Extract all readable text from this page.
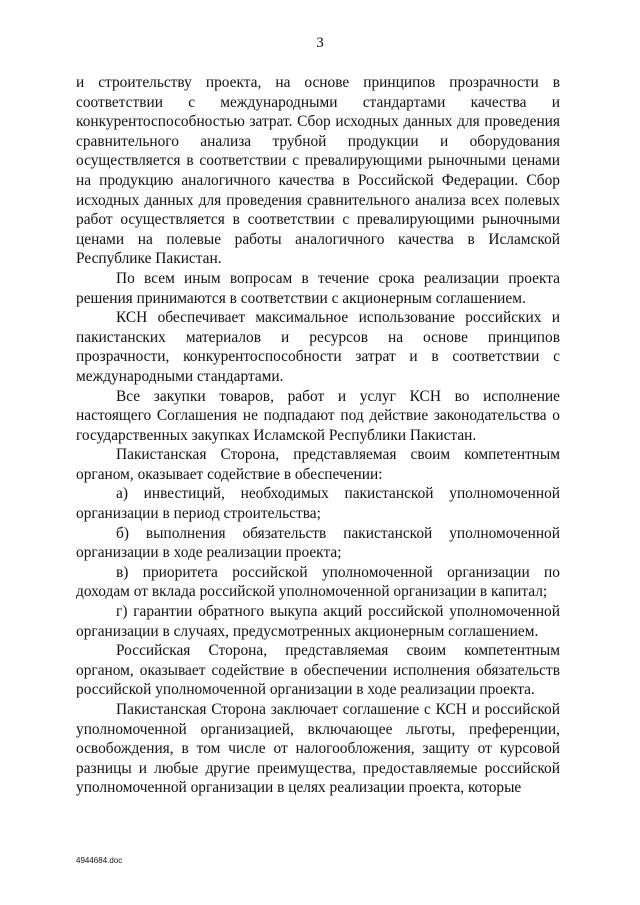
3

и строительству проекта, на основе принципов прозрачности в соответствии с международными стандартами качества и конкурентоспособностью затрат. Сбор исходных данных для проведения сравнительного анализа трубной продукции и оборудования осуществляется в соответствии с превалирующими рыночными ценами на продукцию аналогичного качества в Российской Федерации. Сбор исходных данных для проведения сравнительного анализа всех полевых работ осуществляется в соответствии с превалирующими рыночными ценами на полевые работы аналогичного качества в Исламской Республике Пакистан.

По всем иным вопросам в течение срока реализации проекта решения принимаются в соответствии с акционерным соглашением.

КСН обеспечивает максимальное использование российских и пакистанских материалов и ресурсов на основе принципов прозрачности, конкурентоспособности затрат и в соответствии с международными стандартами.

Все закупки товаров, работ и услуг КСН во исполнение настоящего Соглашения не подпадают под действие законодательства о государственных закупках Исламской Республики Пакистан.

Пакистанская Сторона, представляемая своим компетентным органом, оказывает содействие в обеспечении:

а) инвестиций, необходимых пакистанской уполномоченной организации в период строительства;

б) выполнения обязательств пакистанской уполномоченной организации в ходе реализации проекта;

в) приоритета российской уполномоченной организации по доходам от вклада российской уполномоченной организации в капитал;

г) гарантии обратного выкупа акций российской уполномоченной организации в случаях, предусмотренных акционерным соглашением.

Российская Сторона, представляемая своим компетентным органом, оказывает содействие в обеспечении исполнения обязательств российской уполномоченной организации в ходе реализации проекта.

Пакистанская Сторона заключает соглашение с КСН и российской уполномоченной организацией, включающее льготы, преференции, освобождения, в том числе от налогообложения, защиту от курсовой разницы и любые другие преимущества, предоставляемые российской уполномоченной организации в целях реализации проекта, которые

4944684.doc
